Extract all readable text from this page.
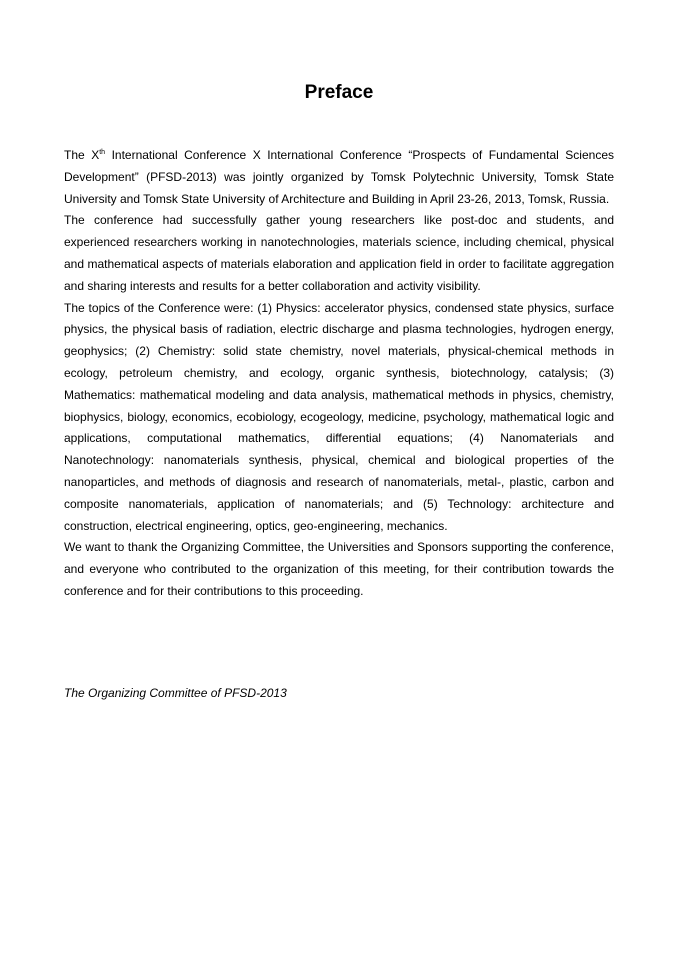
Preface

The Xth International Conference X International Conference “Prospects of Fundamental Sciences Development” (PFSD-2013) was jointly organized by Tomsk Polytechnic University, Tomsk State University and Tomsk State University of Architecture and Building in April 23-26, 2013, Tomsk, Russia.

The conference had successfully gather young researchers like post-doc and students, and experienced researchers working in nanotechnologies, materials science, including chemical, physical and mathematical aspects of materials elaboration and application field in order to facilitate aggregation and sharing interests and results for a better collaboration and activity visibility.

The topics of the Conference were: (1) Physics: accelerator physics, condensed state physics, surface physics, the physical basis of radiation, electric discharge and plasma technologies, hydrogen energy, geophysics; (2) Chemistry: solid state chemistry, novel materials, physical-chemical methods in ecology, petroleum chemistry, and ecology, organic synthesis, biotechnology, catalysis; (3) Mathematics: mathematical modeling and data analysis, mathematical methods in physics, chemistry, biophysics, biology, economics, ecobiology, ecogeology, medicine, psychology, mathematical logic and applications, computational mathematics, differential equations; (4) Nanomaterials and Nanotechnology: nanomaterials synthesis, physical, chemical and biological properties of the nanoparticles, and methods of diagnosis and research of nanomaterials, metal-, plastic, carbon and composite nanomaterials, application of nanomaterials; and (5) Technology: architecture and construction, electrical engineering, optics, geo-engineering, mechanics.

We want to thank the Organizing Committee, the Universities and Sponsors supporting the conference, and everyone who contributed to the organization of this meeting, for their contribution towards the conference and for their contributions to this proceeding.

The Organizing Committee of PFSD-2013
